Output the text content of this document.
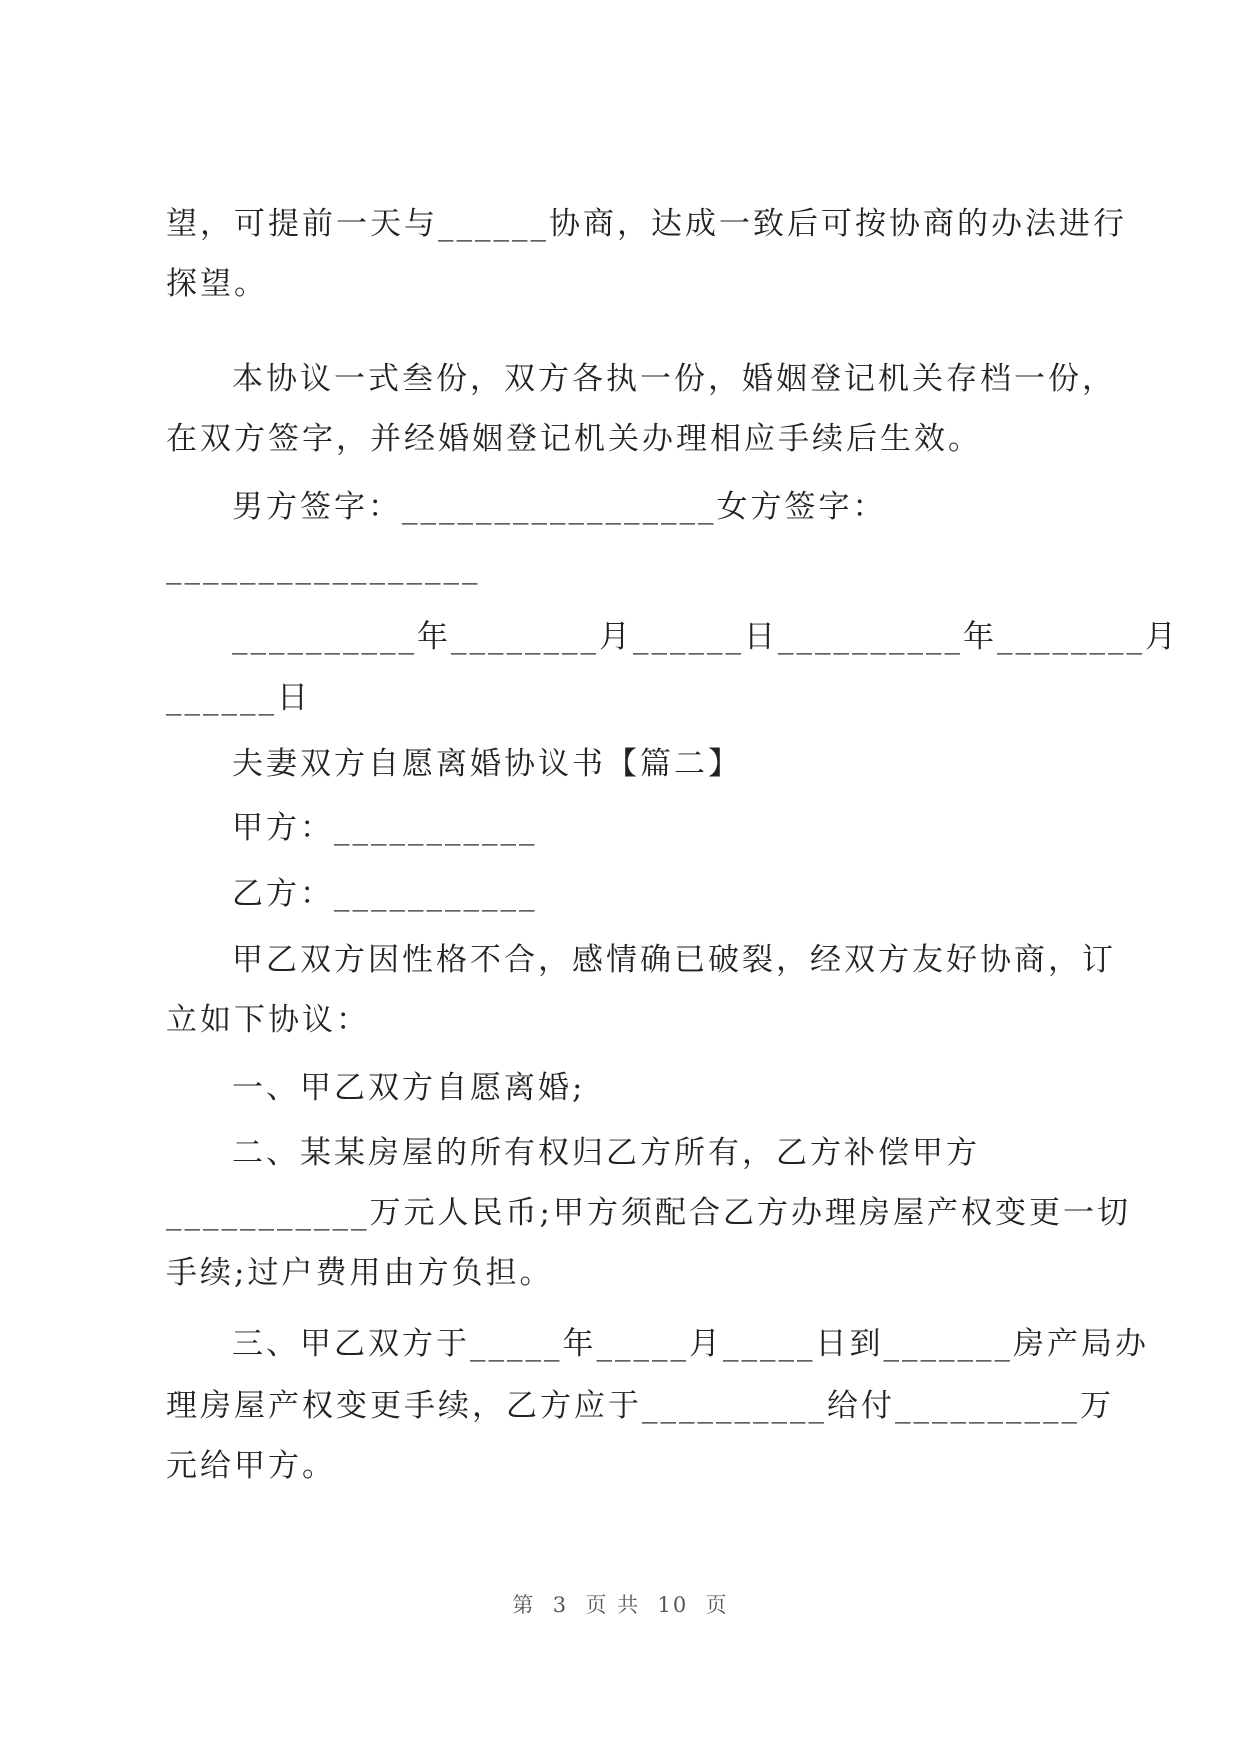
望，可提前一天与______协商，达成一致后可按协商的办法进行
探望。
本协议一式叁份，双方各执一份，婚姻登记机关存档一份，
在双方签字，并经婚姻登记机关办理相应手续后生效。
男方签字：_________________女方签字：
_________________
__________年________月______日__________年________月
______日
夫妻双方自愿离婚协议书【篇二】
甲方：___________
乙方：___________
甲乙双方因性格不合，感情确已破裂，经双方友好协商，订
立如下协议：
一、甲乙双方自愿离婚;
二、某某房屋的所有权归乙方所有，乙方补偿甲方
___________万元人民币;甲方须配合乙方办理房屋产权变更一切
手续;过户费用由方负担。
三、甲乙双方于_____年_____月_____日到_______房产局办
理房屋产权变更手续，乙方应于__________给付__________万
元给甲方。
第  3  页 共  10  页
